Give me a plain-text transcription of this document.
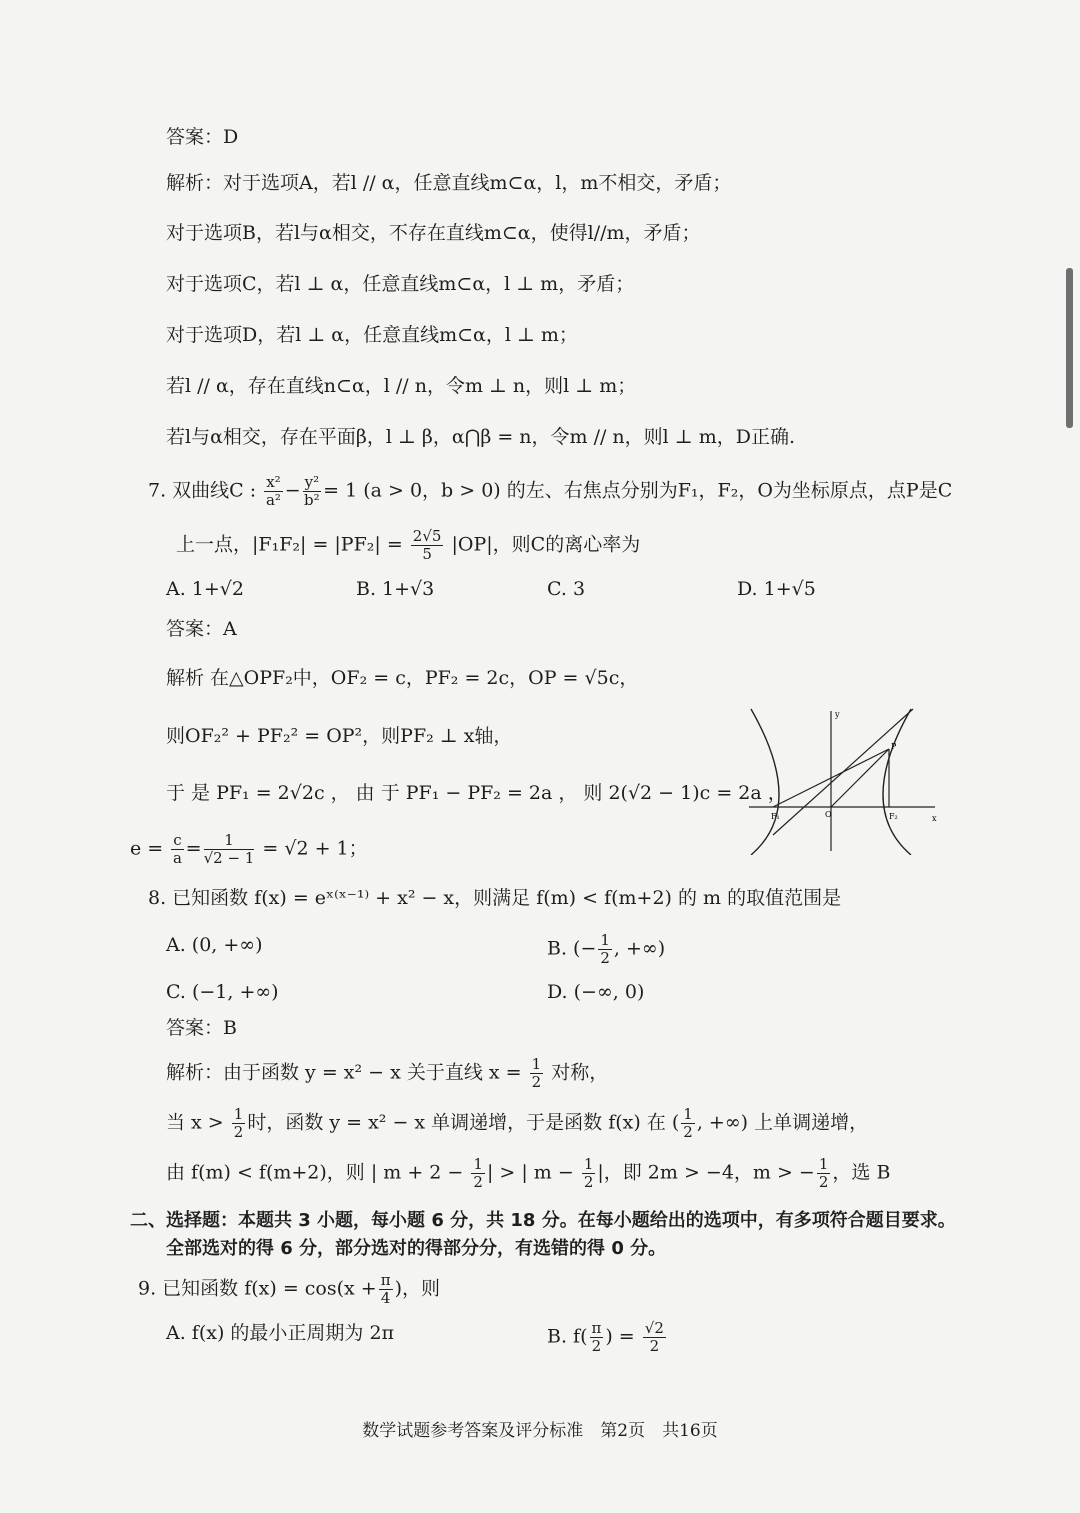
答案：D
解析：对于选项A，若l // α，任意直线m⊂α，l，m不相交，矛盾；
对于选项B，若l与α相交，不存在直线m⊂α，使得l//m，矛盾；
对于选项C，若l ⊥ α，任意直线m⊂α，l ⊥ m，矛盾；
对于选项D，若l ⊥ α，任意直线m⊂α，l ⊥ m；
若l // α，存在直线n⊂α，l // n，令m ⊥ n，则l ⊥ m；
若l与α相交，存在平面β，l ⊥ β，α⋂β = n，令m // n，则l ⊥ m，D正确.
7. 双曲线C : $\frac{\text{x²}}{\text{a²}} - \frac{\text{y²}}{\text{b²}} = 1$ (a > 0，b > 0) 的左、右焦点分别为F₁，F₂，O为坐标原点，点P是C
上一点，$|F_1F_2| = |PF_2| = \frac{2√5}{5} |OP|$，则C的离心率为
A. 1+√2	B. 1+√3	C. 3	D. 1+√5
答案：A
解析 在△OPF₂中，OF₂ = c，PF₂ = 2c，OP = √5c，
则OF₂² + PF₂² = OP²，则PF₂ ⊥ x轴，
于 是 PF₁ = 2√2c ， 由 于 PF₁ − PF₂ = 2a ， 则 2(√2 − 1)c = 2a ，
$e = \frac{c}{a} = \frac{1}{√2 - 1} = √2 + 1$；
x
y
O
P
F₁	F₂
8. 已知函数 f(x) = eˣ⁽ˣ⁻¹⁾ + x² − x，则满足 f(m) < f(m+2) 的 m 的取值范围是
A. (0, +∞)	B. (− $\frac{1}{2}$ , +∞)
C. (−1, +∞)	D. (−∞, 0)
答案：B
解析：由于函数 y = x² − x 关于直线 $x = \frac{1}{2}$ 对称，
当 $x > \frac{1}{2}$ 时，函数 y = x² − x 单调递增，于是函数 f(x) 在 ( $\frac{1}{2}$ , +∞) 上单调递增，
由 f(m) < f(m+2)，则 | $m + 2 - \frac{1}{2}$ | > | $m - \frac{1}{2}$ |，即 2m > −4，m > − $\frac{1}{2}$ ，选 B
二、选择题：本题共 3 小题，每小题 6 分，共 18 分。在每小题给出的选项中，有多项符合题目要求。
全部选对的得 6 分，部分选对的得部分分，有选错的得 0 分。
9. 已知函数 $f(x) = \cos(x + \frac{\pi}{4}$ )，则
A. f(x) 的最小正周期为 2π	B. $f( \frac{\pi}{2}$ ) = $\frac{√2}{2}$
数学试题参考答案及评分标准　第2页　共16页
